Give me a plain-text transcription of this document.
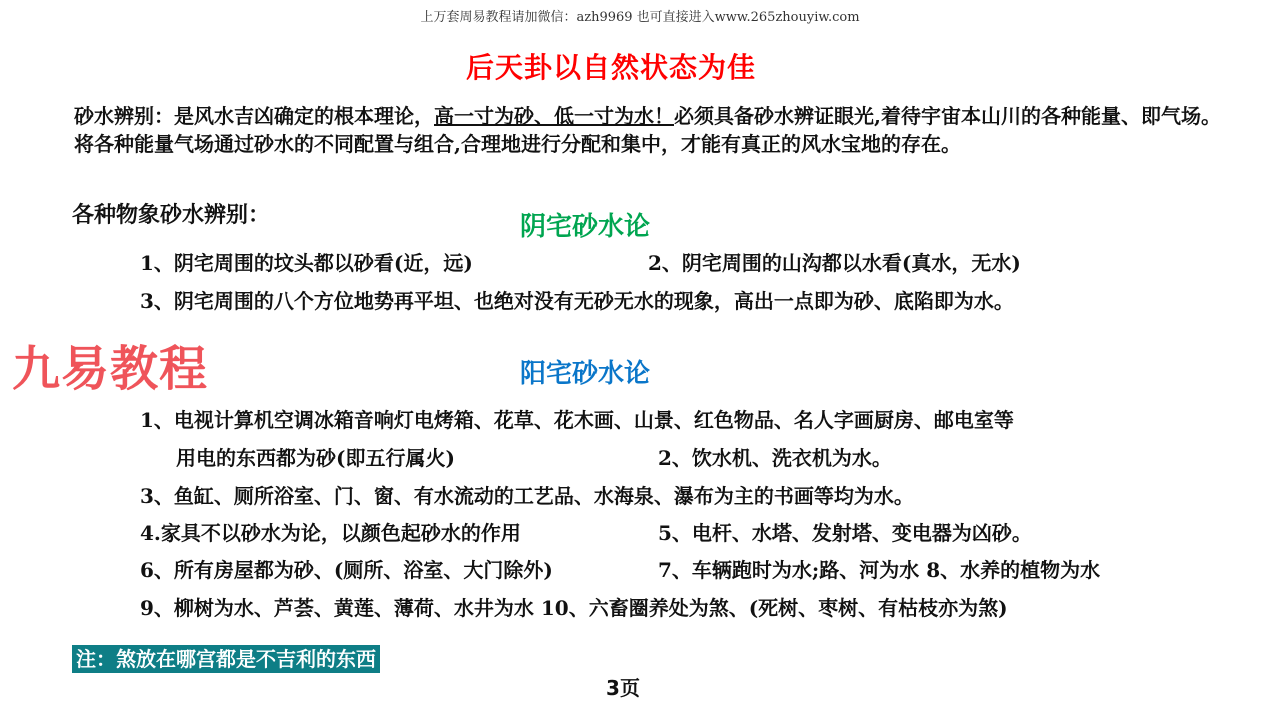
上万套周易教程请加微信：azh9969 也可直接进入www.265zhouyiw.com
后天卦以自然状态为佳
砂水辨别：是风水吉凶确定的根本理论，高一寸为砂、低一寸为水！必须具备砂水辨证眼光,着待宇宙本山川的各种能量、即气场。将各种能量气场通过砂水的不同配置与组合,合理地进行分配和集中，才能有真正的风水宝地的存在。
各种物象砂水辨别：	阴宅砂水论
1、阴宅周围的坟头都以砂看(近，远)	2、阴宅周围的山沟都以水看(真水，无水)
3、阴宅周围的八个方位地势再平坦、也绝对没有无砂无水的现象，高出一点即为砂、底陷即为水。
九易教程	阳宅砂水论
1、电视计算机空调冰箱音响灯电烤箱、花草、花木画、山景、红色物品、名人字画厨房、邮电室等
用电的东西都为砂(即五行属火)	2、饮水机、洗衣机为水。
3、鱼缸、厕所浴室、门、窗、有水流动的工艺品、水海泉、瀑布为主的书画等均为水。
4.家具不以砂水为论，以颜色起砂水的作用	5、电杆、水塔、发射塔、变电器为凶砂。
6、所有房屋都为砂、(厕所、浴室、大门除外)	7、车辆跑时为水;路、河为水 8、水养的植物为水
9、柳树为水、芦荟、黄莲、薄荷、水井为水 10、六畜圈养处为煞、(死树、枣树、有枯枝亦为煞)
注：煞放在哪宫都是不吉利的东西
3页
